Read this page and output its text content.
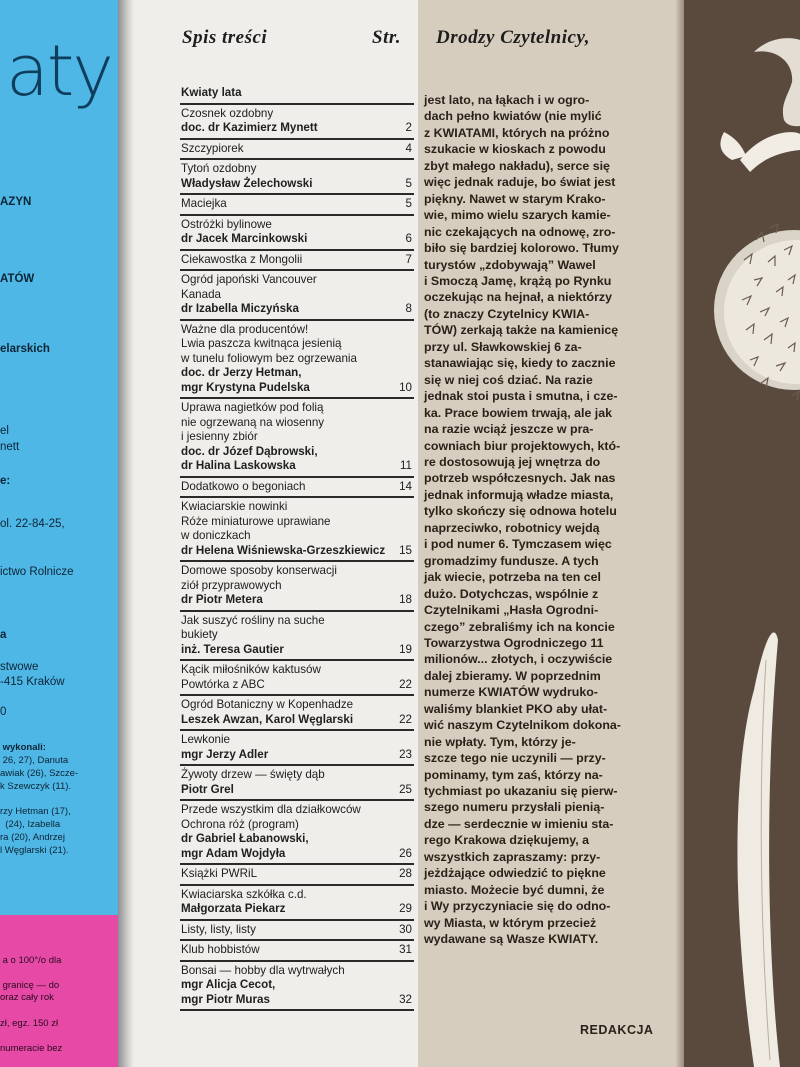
aty
AZYN
ATÓW
elarskich
el
nett
e:
ol. 22-84-25,
ictwo Rolnicze
a
stwowe
-415 Kraków
0
wykonali:
26, 27), Danuta
awiak (26), Szcze-
k Szewczyk (11).
rzy Hetman (17),
(24), Izabella
ra (20), Andrzej
l Węglarski (21).
a o 100°/o dla
granicę — do
oraz cały rok
zł, egz. 150 zł
numeracie bez
Spis treści	Str. Drodzy Czytelnicy,
Kwiaty lata
Czosnek ozdobny
doc. dr Kazimierz Mynett	2
Szczypiorek	4
Tytoń ozdobny
Władysław Żelechowski	5
Maciejka	5
Ostróżki bylinowe
dr Jacek Marcinkowski	6
Ciekawostka z Mongolii	7
Ogród japoński Vancouver
Kanada
dr Izabella Miczyńska	8
Ważne dla producentów!
Lwia paszcza kwitnąca jesienią
w tunelu foliowym bez ogrzewania
doc. dr Jerzy Hetman,
mgr Krystyna Pudelska	10
Uprawa nagietków pod folią
nie ogrzewaną na wiosenny
i jesienny zbiór
doc. dr Józef Dąbrowski,
dr Halina Laskowska	11
Dodatkowo o begoniach	14
Kwiaciarskie nowinki
Róże miniaturowe uprawiane
w doniczkach
dr Helena Wiśniewska-Grzeszkiewicz	15
Domowe sposoby konserwacji
ziół przyprawowych
dr Piotr Metera	18
Jak suszyć rośliny na suche
bukiety
inż. Teresa Gautier	19
Kącik miłośników kaktusów
Powtórka z ABC	22
Ogród Botaniczny w Kopenhadze
Leszek Awzan, Karol Węglarski	22
Lewkonie
mgr Jerzy Adler	23
Żywoty drzew — święty dąb
Piotr Grel	25
Przede wszystkim dla działkowców
Ochrona róż (program)
dr Gabriel Łabanowski,
mgr Adam Wojdyła	26
Książki PWRiL	28
Kwiaciarska szkółka c.d.
Małgorzata Piekarz	29
Listy, listy, listy	30
Klub hobbistów	31
Bonsai — hobby dla wytrwałych
mgr Alicja Cecot,
mgr Piotr Muras	32
jest lato, na łąkach i w ogro-
dach pełno kwiatów (nie mylić
z KWIATAMI, których na próżno
szukacie w kioskach z powodu
zbyt małego nakładu), serce się
więc jednak raduje, bo świat jest
piękny. Nawet w starym Krako-
wie, mimo wielu szarych kamie-
nic czekających na odnowę, zro-
biło się bardziej kolorowo. Tłumy
turystów „zdobywają” Wawel
i Smoczą Jamę, krążą po Rynku
oczekując na hejnał, a niektórzy
(to znaczy Czytelnicy KWIA-
TÓW) zerkają także na kamienicę
przy ul. Sławkowskiej 6 za-
stanawiając się, kiedy to zacznie
się w niej coś dziać. Na razie
jednak stoi pusta i smutna, i cze-
ka. Prace bowiem trwają, ale jak
na razie wciąż jeszcze w pra-
cowniach biur projektowych, któ-
re dostosowują jej wnętrza do
potrzeb współczesnych. Jak nas
jednak informują władze miasta,
tylko skończy się odnowa hotelu
naprzeciwko, robotnicy wejdą
i pod numer 6. Tymczasem więc
gromadzimy fundusze. A tych
jak wiecie, potrzeba na ten cel
dużo. Dotychczas, wspólnie z
Czytelnikami „Hasła Ogrodni-
czego” zebraliśmy ich na koncie
Towarzystwa Ogrodniczego 11
milionów... złotych, i oczywiście
dalej zbieramy. W poprzednim
numerze KWIATÓW wydruko-
waliśmy blankiet PKO aby ułat-
wić naszym Czytelnikom dokona-
nie wpłaty. Tym, którzy je-
szcze tego nie uczynili — przy-
pominamy, tym zaś, którzy na-
tychmiast po ukazaniu się pierw-
szego numeru przysłali pienią-
dze — serdecznie w imieniu sta-
rego Krakowa dziękujemy, a
wszystkich zapraszamy: przy-
jeżdżające odwiedzić to piękne
miasto. Możecie być dumni, że
i Wy przyczyniacie się do odno-
wy Miasta, w którym przecież
wydawane są Wasze KWIATY.
REDAKCJA
